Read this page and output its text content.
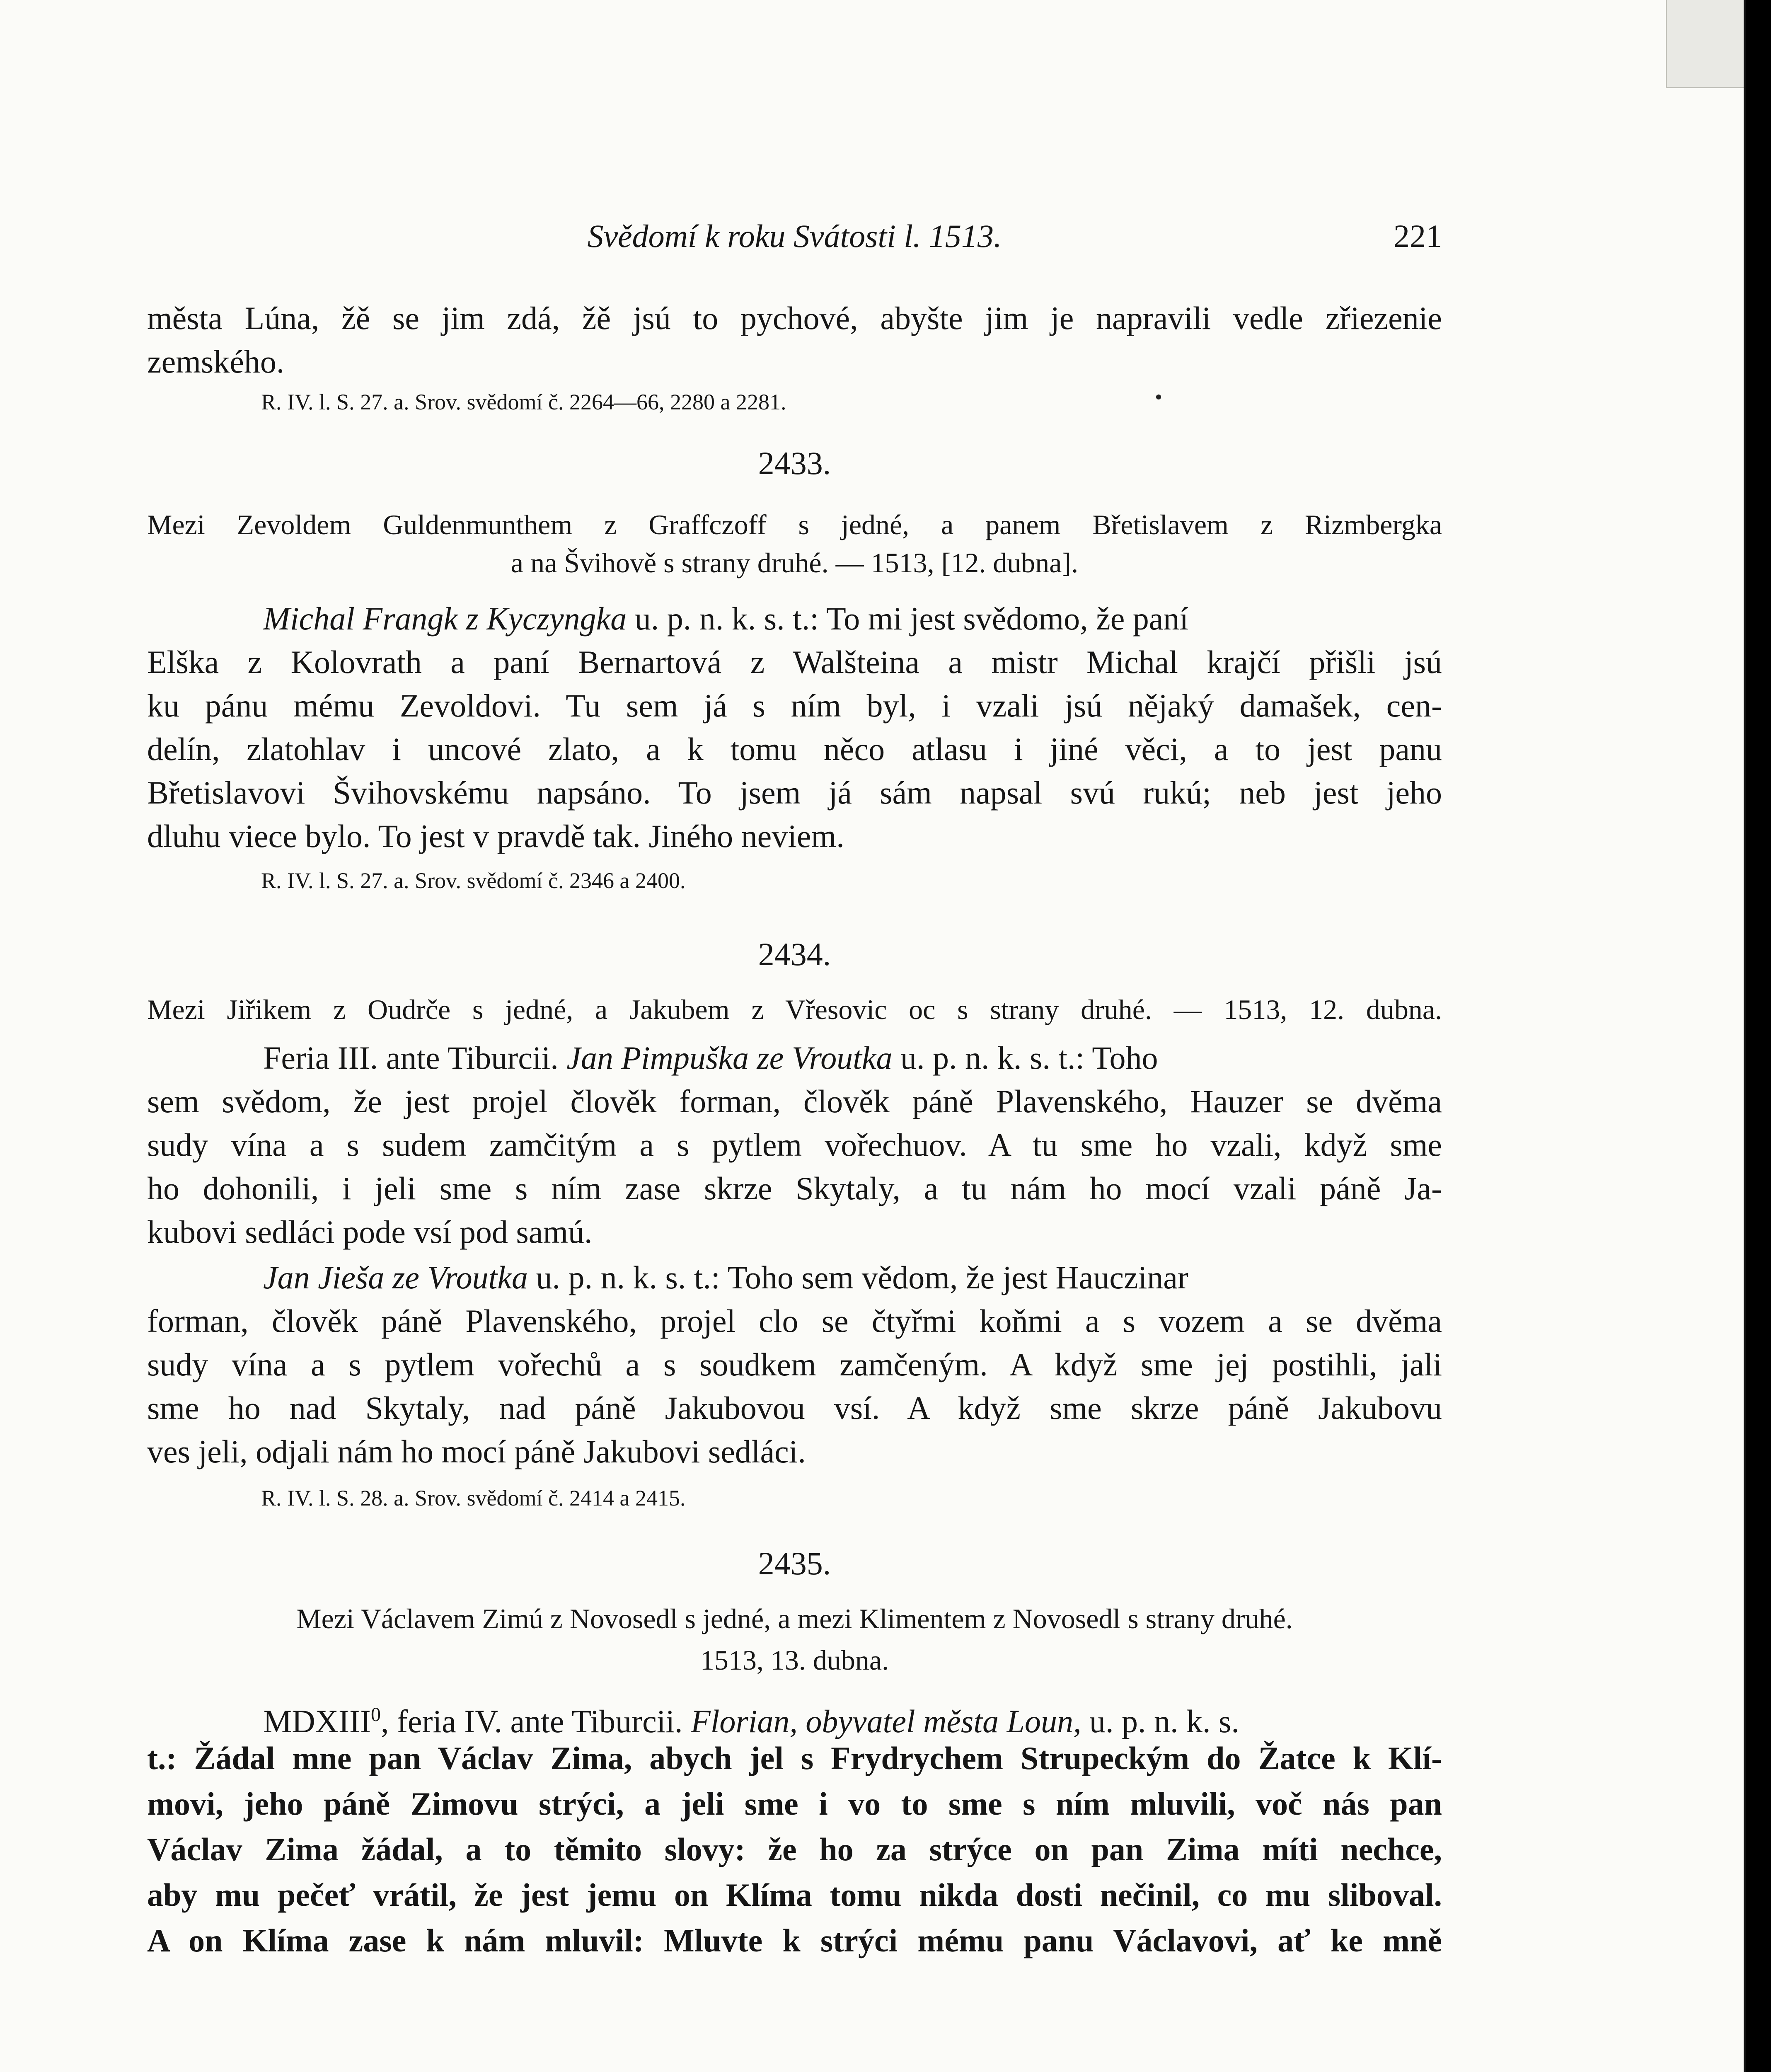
Svědomí k roku Svátosti l. 1513.	221
města Lúna, žě se jim zdá, žě jsú to pychové, abyšte jim je napravili vedle zřiezenie
zemského.
R. IV. l. S. 27. a. Srov. svědomí č. 2264—66, 2280 a 2281.
2433.
Mezi Zevoldem Guldenmunthem z Graffczoff s jedné, a panem Břetislavem z Rizmbergka
a na Švihově s strany druhé. — 1513, [12. dubna].
Michal Frangk z Kyczyngka u. p. n. k. s. t.: To mi jest svědomo, že paní
Elška z Kolovrath a paní Bernartová z Walšteina a mistr Michal krajčí přišli jsú
ku pánu mému Zevoldovi. Tu sem já s ním byl, i vzali jsú nějaký damašek, cen-
delín, zlatohlav i uncové zlato, a k tomu něco atlasu i jiné věci, a to jest panu
Břetislavovi Švihovskému napsáno. To jsem já sám napsal svú rukú; neb jest jeho
dluhu viece bylo. To jest v pravdě tak. Jiného neviem.
R. IV. l. S. 27. a. Srov. svědomí č. 2346 a 2400.
2434.
Mezi Jiřikem z Oudrče s jedné, a Jakubem z Vřesovic oc s strany druhé. — 1513, 12. dubna.
Feria III. ante Tiburcii. Jan Pimpuška ze Vroutka u. p. n. k. s. t.: Toho
sem svědom, že jest projel člověk forman, člověk páně Plavenského, Hauzer se dvěma
sudy vína a s sudem zamčitým a s pytlem vořechuov. A tu sme ho vzali, když sme
ho dohonili, i jeli sme s ním zase skrze Skytaly, a tu nám ho mocí vzali páně Ja-
kubovi sedláci pode vsí pod samú.
Jan Jieša ze Vroutka u. p. n. k. s. t.: Toho sem vědom, že jest Hauczinar
forman, člověk páně Plavenského, projel clo se čtyřmi koňmi a s vozem a se dvěma
sudy vína a s pytlem vořechů a s soudkem zamčeným. A když sme jej postihli, jali
sme ho nad Skytaly, nad páně Jakubovou vsí. A když sme skrze páně Jakubovu
ves jeli, odjali nám ho mocí páně Jakubovi sedláci.
R. IV. l. S. 28. a. Srov. svědomí č. 2414 a 2415.
2435.
Mezi Václavem Zimú z Novosedl s jedné, a mezi Klimentem z Novosedl s strany druhé.
1513, 13. dubna.
MDXIII$^0$, feria IV. ante Tiburcii. Florian, obyvatel města Loun, u. p. n. k. s.
t.: Žádal mne pan Václav Zima, abych jel s Frydrychem Strupeckým do Žatce k Klí-
movi, jeho páně Zimovu strýci, a jeli sme i vo to sme s ním mluvili, voč nás pan
Václav Zima žádal, a to těmito slovy: že ho za strýce on pan Zima míti nechce,
aby mu pečeť vrátil, že jest jemu on Klíma tomu nikda dosti nečinil, co mu sliboval.
A on Klíma zase k nám mluvil: Mluvte k strýci mému panu Václavovi, ať ke mně
